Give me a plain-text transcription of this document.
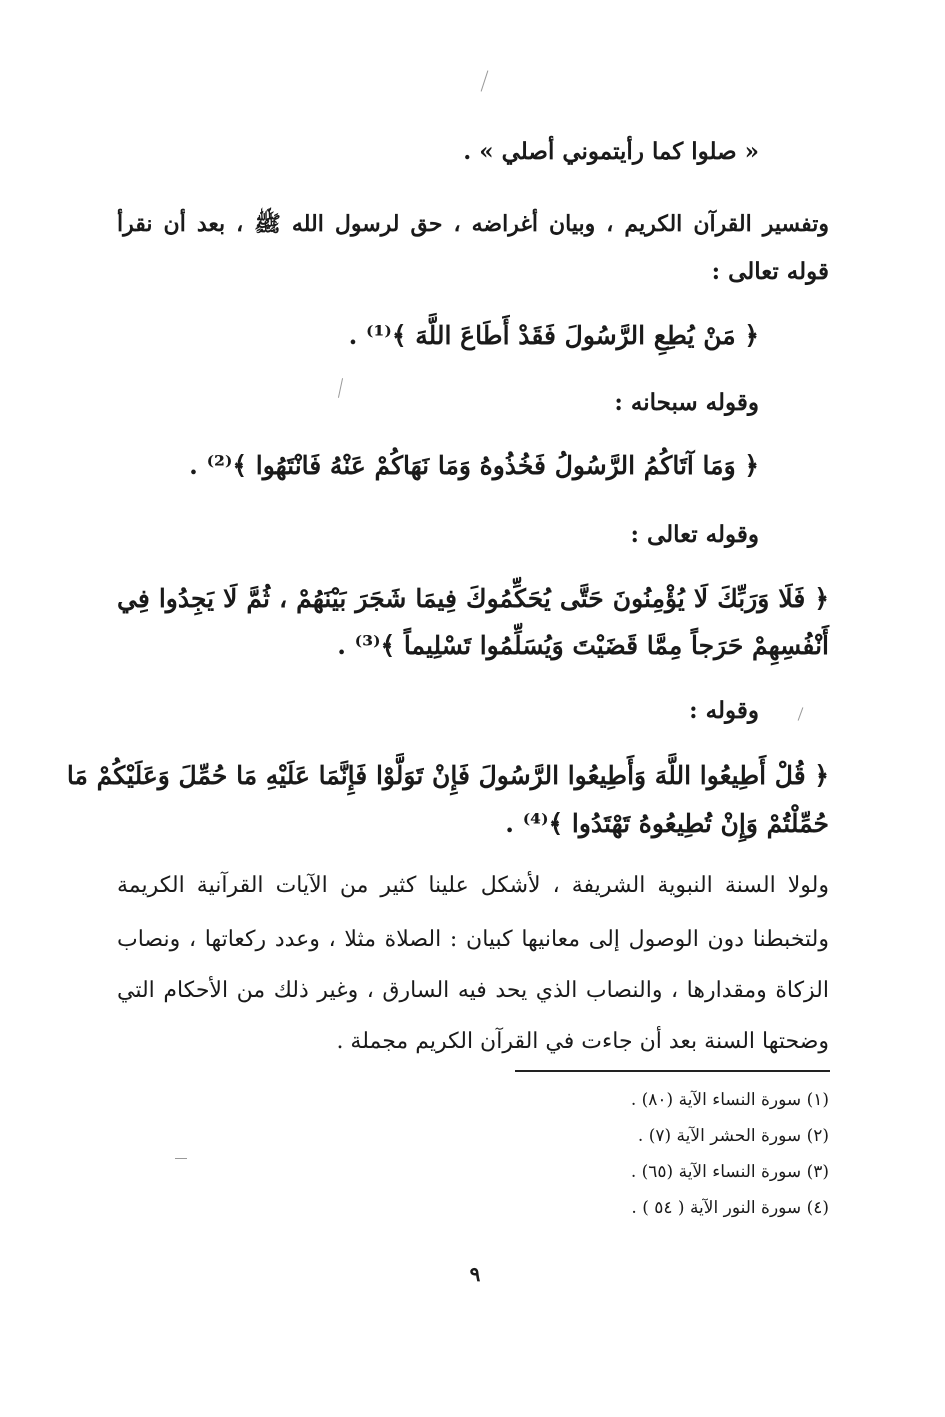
« صلوا كما رأيتموني أصلي » .
وتفسير القرآن الكريم ، وبيان أغراضه ، حق لرسول الله ﷺ ، بعد أن نقرأ
قوله تعالى :
﴿ مَنْ يُطِعِ الرَّسُولَ فَقَدْ أَطَاعَ اللَّهَ ﴾⁽¹⁾ .
وقوله سبحانه :
﴿ وَمَا آتَاكُمُ الرَّسُولُ فَخُذُوهُ وَمَا نَهَاكُمْ عَنْهُ فَانْتَهُوا ﴾⁽²⁾ .
وقوله تعالى :
﴿ فَلَا وَرَبِّكَ لَا يُؤْمِنُونَ حَتَّى يُحَكِّمُوكَ فِيمَا شَجَرَ بَيْنَهُمْ ، ثُمَّ لَا يَجِدُوا فِي
أَنْفُسِهِمْ حَرَجاً مِمَّا قَضَيْتَ وَيُسَلِّمُوا تَسْلِيماً ﴾⁽³⁾ .
وقوله :
﴿ قُلْ أَطِيعُوا اللَّهَ وَأَطِيعُوا الرَّسُولَ فَإِنْ تَوَلَّوْا فَإِنَّمَا عَلَيْهِ مَا حُمِّلَ وَعَلَيْكُمْ مَا
حُمِّلْتُمْ وَإِنْ تُطِيعُوهُ تَهْتَدُوا ﴾⁽⁴⁾ .
ولولا السنة النبوية الشريفة ، لأشكل علينا كثير من الآيات القرآنية الكريمة
ولتخبطنا دون الوصول إلى معانيها كبيان : الصلاة مثلا ، وعدد ركعاتها ، ونصاب
الزكاة ومقدارها ، والنصاب الذي يحد فيه السارق ، وغير ذلك من الأحكام التي
وضحتها السنة بعد أن جاءت في القرآن الكريم مجملة .
(١) سورة النساء الآية (٨٠) .
(٢) سورة الحشر الآية (٧) .
(٣) سورة النساء الآية (٦٥) .
(٤) سورة النور الآية ( ٥٤ ) .
٩
